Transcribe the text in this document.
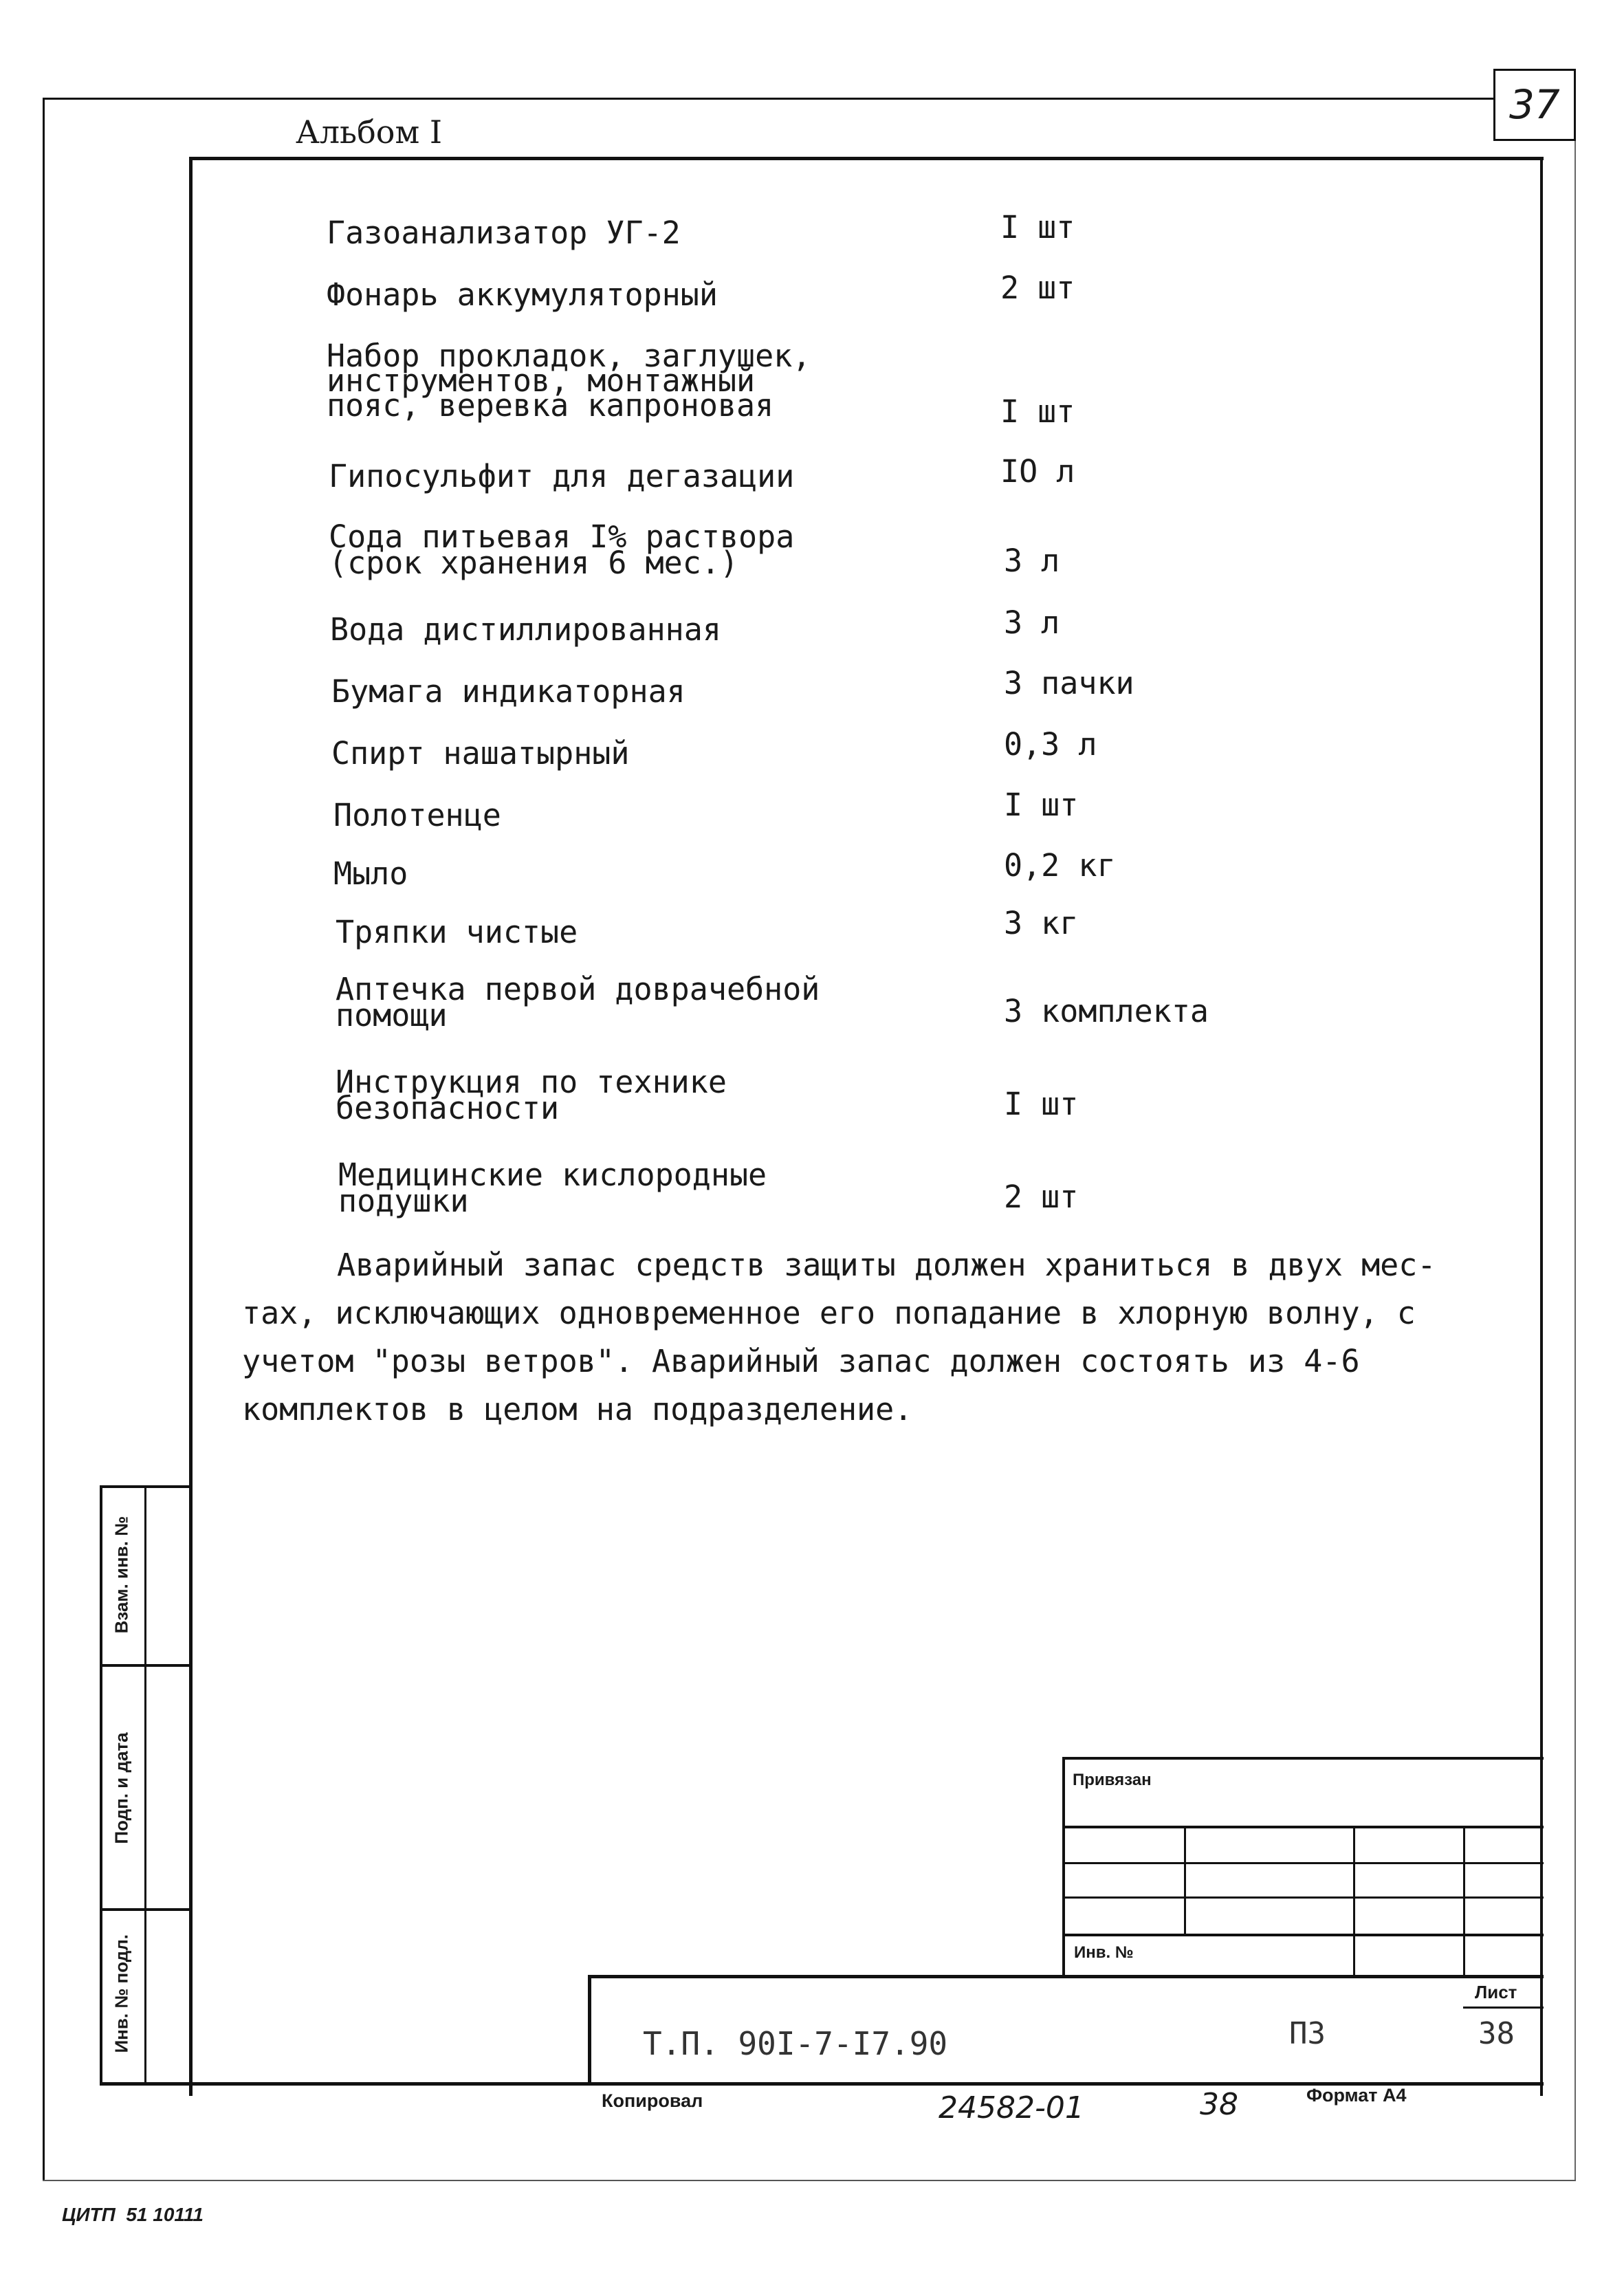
37
Альбом I
Газоанализатор УГ-2	I шт
Фонарь аккумуляторный	2 шт
Набор прокладок, заглушек,
инструментов, монтажный
пояс, веревка капроновая	I шт
Гипосульфит для дегазации	IO л
Сода питьевая I% раствора
(срок хранения 6 мес.)	3 л
Вода дистиллированная	3 л
Бумага индикаторная	3 пачки
Спирт нашатырный	0,3 л
Полотенце	I шт
Мыло	0,2 кг
Тряпки чистые	3 кг
Аптечка первой доврачебной
помощи	3 комплекта
Инструкция по технике
безопасности	I шт
Медицинские кислородные
подушки	2 шт
Аварийный запас средств защиты должен храниться в двух мес-
тах, исключающих одновременное его попадание в хлорную волну, с
учетом "розы ветров". Аварийный запас должен состоять из 4-6
комплектов в целом на подразделение.
Взам. инв. №
Подп. и дата
Инв. № подл.
Привязан
Инв. №
Лист
38
Т.П. 90I-7-I7.90	ПЗ
Копировал	24582-01	38	Формат А4
ЦИТП  51 10111
